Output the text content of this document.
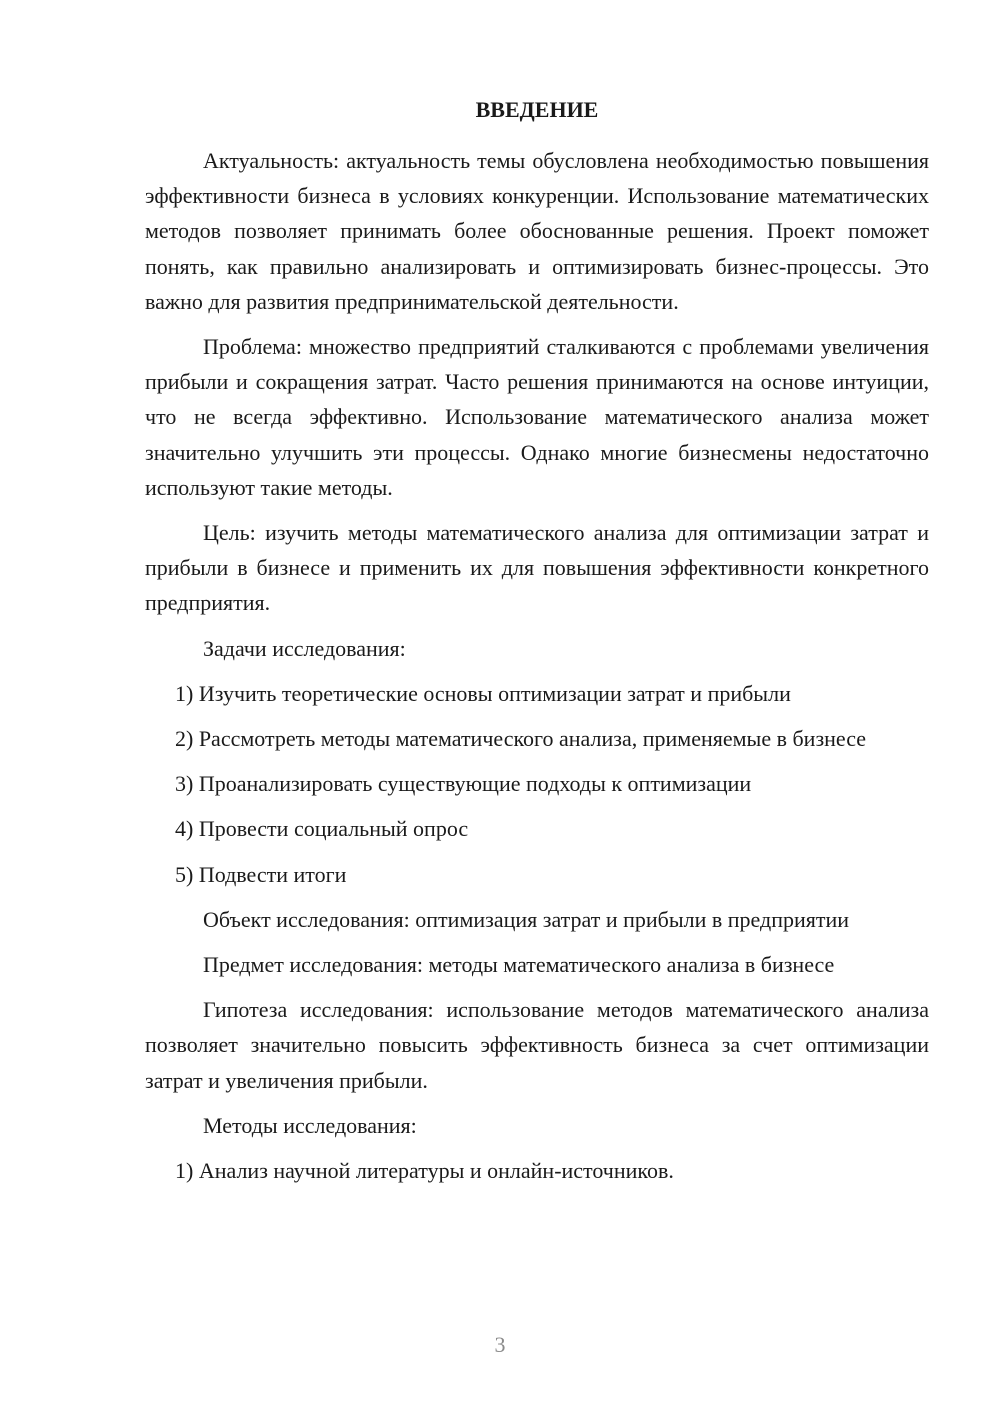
ВВЕДЕНИЕ

Актуальность: актуальность темы обусловлена необходимостью повышения эффективности бизнеса в условиях конкуренции. Использование математических методов позволяет принимать более обоснованные решения. Проект поможет понять, как правильно анализировать и оптимизировать бизнес-процессы. Это важно для развития предпринимательской деятельности.

Проблема: множество предприятий сталкиваются с проблемами увеличения прибыли и сокращения затрат. Часто решения принимаются на основе интуиции, что не всегда эффективно. Использование математического анализа может значительно улучшить эти процессы. Однако многие бизнесмены недостаточно используют такие методы.

Цель: изучить методы математического анализа для оптимизации затрат и прибыли в бизнесе и применить их для повышения эффективности конкретного предприятия.

Задачи исследования:

1) Изучить теоретические основы оптимизации затрат и прибыли

2) Рассмотреть методы математического анализа, применяемые в бизнесе

3) Проанализировать существующие подходы к оптимизации

4) Провести социальный опрос

5) Подвести итоги

Объект исследования: оптимизация затрат и прибыли в предприятии

Предмет исследования: методы математического анализа в бизнесе

Гипотеза исследования: использование методов математического анализа позволяет значительно повысить эффективность бизнеса за счет оптимизации затрат и увеличения прибыли.

Методы исследования:

1) Анализ научной литературы и онлайн-источников.

3
